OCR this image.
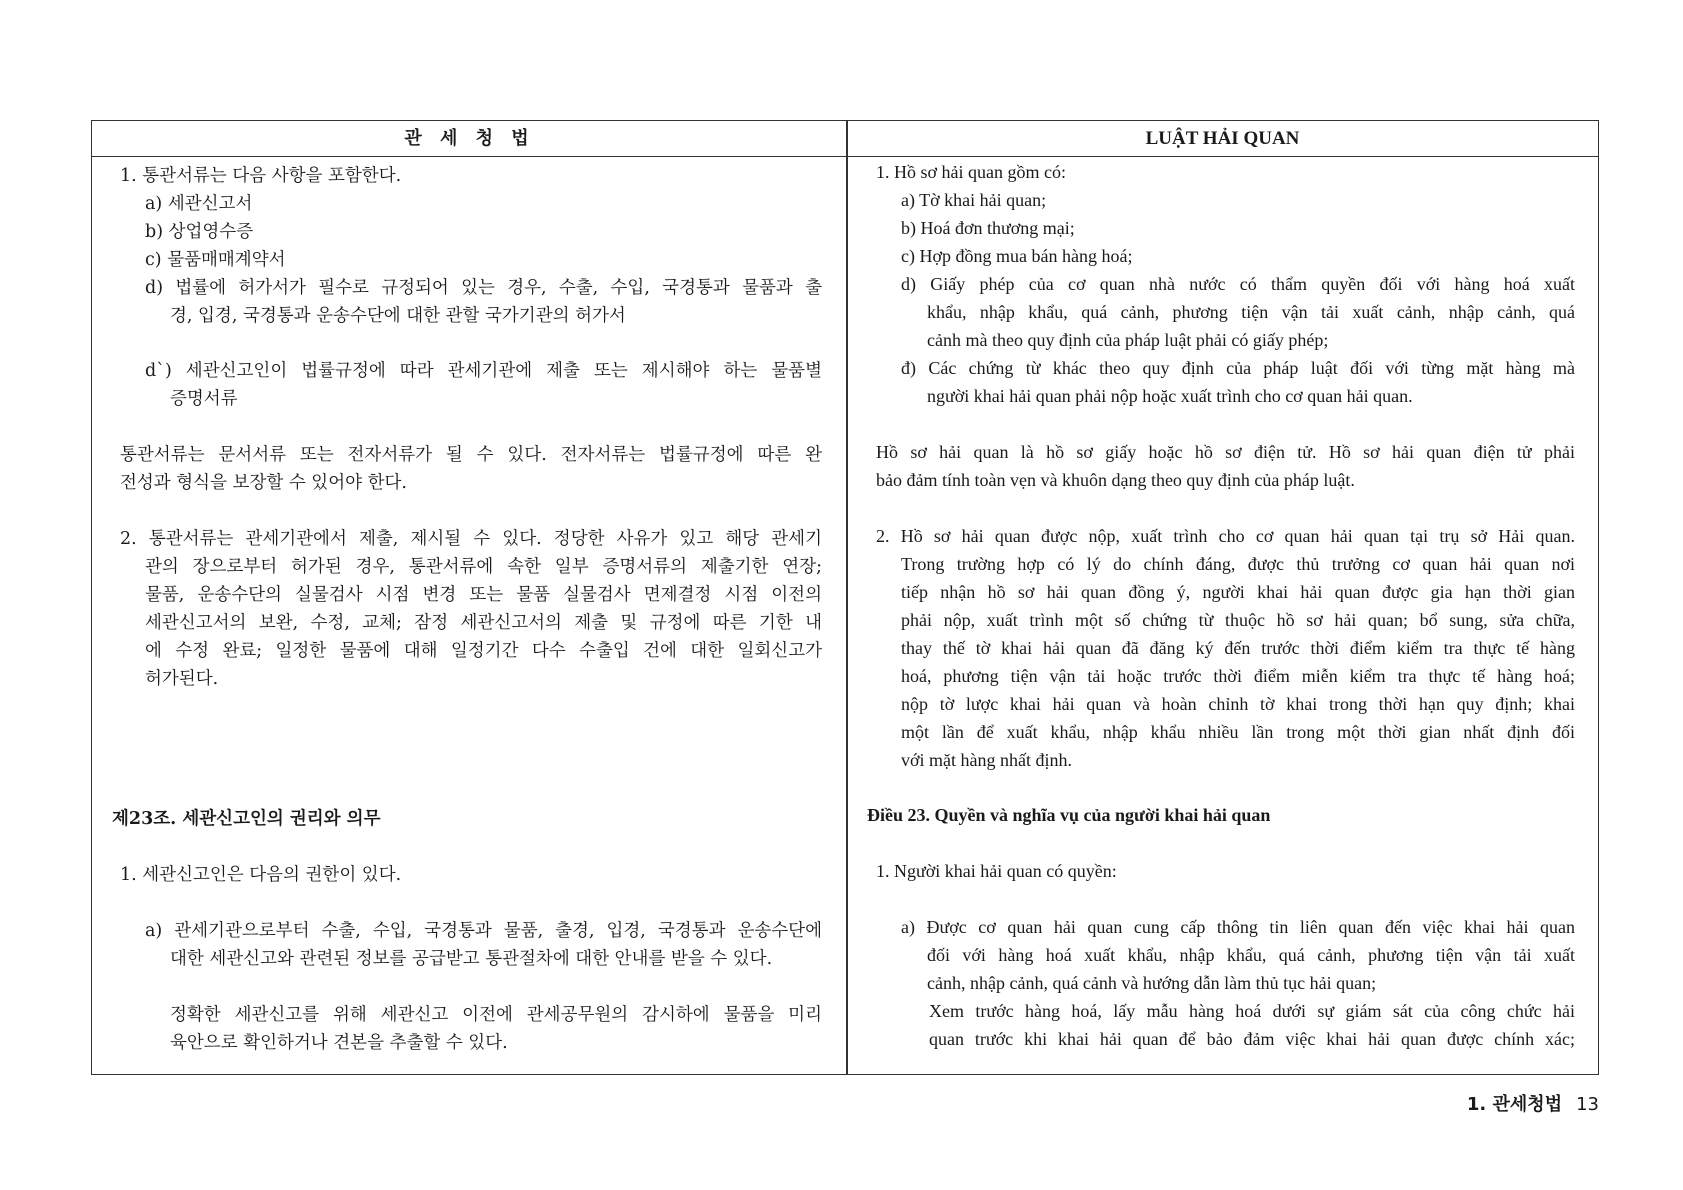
관 세 청 법	LUẬT HẢI QUAN
1. 통관서류는 다음 사항을 포함한다.
a) 세관신고서
b) 상업영수증
c) 물품매매계약서
d) 법률에 허가서가 필수로 규정되어 있는 경우, 수출, 수입, 국경통과 물품과 출
경, 입경, 국경통과 운송수단에 대한 관할 국가기관의 허가서
d`) 세관신고인이 법률규정에 따라 관세기관에 제출 또는 제시해야 하는 물품별
증명서류
통관서류는 문서서류 또는 전자서류가 될 수 있다. 전자서류는 법률규정에 따른 완
전성과 형식을 보장할 수 있어야 한다.
2. 통관서류는 관세기관에서 제출, 제시될 수 있다. 정당한 사유가 있고 해당 관세기
관의 장으로부터 허가된 경우, 통관서류에 속한 일부 증명서류의 제출기한 연장;
물품, 운송수단의 실물검사 시점 변경 또는 물품 실물검사 면제결정 시점 이전의
세관신고서의 보완, 수정, 교체; 잠정 세관신고서의 제출 및 규정에 따른 기한 내
에 수정 완료; 일정한 물품에 대해 일정기간 다수 수출입 건에 대한 일회신고가
허가된다.
제23조. 세관신고인의 권리와 의무
1. 세관신고인은 다음의 권한이 있다.
a) 관세기관으로부터 수출, 수입, 국경통과 물품, 출경, 입경, 국경통과 운송수단에
대한 세관신고와 관련된 정보를 공급받고 통관절차에 대한 안내를 받을 수 있다.
정확한 세관신고를 위해 세관신고 이전에 관세공무원의 감시하에 물품을 미리
육안으로 확인하거나 견본을 추출할 수 있다.
1. Hồ sơ hải quan gồm có:
a) Tờ khai hải quan;
b) Hoá đơn thương mại;
c) Hợp đồng mua bán hàng hoá;
d) Giấy phép của cơ quan nhà nước có thẩm quyền đối với hàng hoá xuất
khẩu, nhập khẩu, quá cảnh, phương tiện vận tải xuất cảnh, nhập cảnh, quá
cảnh mà theo quy định của pháp luật phải có giấy phép;
đ) Các chứng từ khác theo quy định của pháp luật đối với từng mặt hàng mà
người khai hải quan phải nộp hoặc xuất trình cho cơ quan hải quan.
Hồ sơ hải quan là hồ sơ giấy hoặc hồ sơ điện tử. Hồ sơ hải quan điện tử phải
bảo đảm tính toàn vẹn và khuôn dạng theo quy định của pháp luật.
2. Hồ sơ hải quan được nộp, xuất trình cho cơ quan hải quan tại trụ sở Hải quan.
Trong trường hợp có lý do chính đáng, được thủ trưởng cơ quan hải quan nơi
tiếp nhận hồ sơ hải quan đồng ý, người khai hải quan được gia hạn thời gian
phải nộp, xuất trình một số chứng từ thuộc hồ sơ hải quan; bổ sung, sửa chữa,
thay thế tờ khai hải quan đã đăng ký đến trước thời điểm kiểm tra thực tế hàng
hoá, phương tiện vận tải hoặc trước thời điểm miễn kiểm tra thực tế hàng hoá;
nộp tờ lược khai hải quan và hoàn chỉnh tờ khai trong thời hạn quy định; khai
một lần để xuất khẩu, nhập khẩu nhiều lần trong một thời gian nhất định đối
với mặt hàng nhất định.
Điều 23. Quyền và nghĩa vụ của người khai hải quan
1. Người khai hải quan có quyền:
a) Được cơ quan hải quan cung cấp thông tin liên quan đến việc khai hải quan
đối với hàng hoá xuất khẩu, nhập khẩu, quá cảnh, phương tiện vận tải xuất
cảnh, nhập cảnh, quá cảnh và hướng dẫn làm thủ tục hải quan;
Xem trước hàng hoá, lấy mẫu hàng hoá dưới sự giám sát của công chức hải
quan trước khi khai hải quan để bảo đảm việc khai hải quan được chính xác;
1. 관세청법 13
